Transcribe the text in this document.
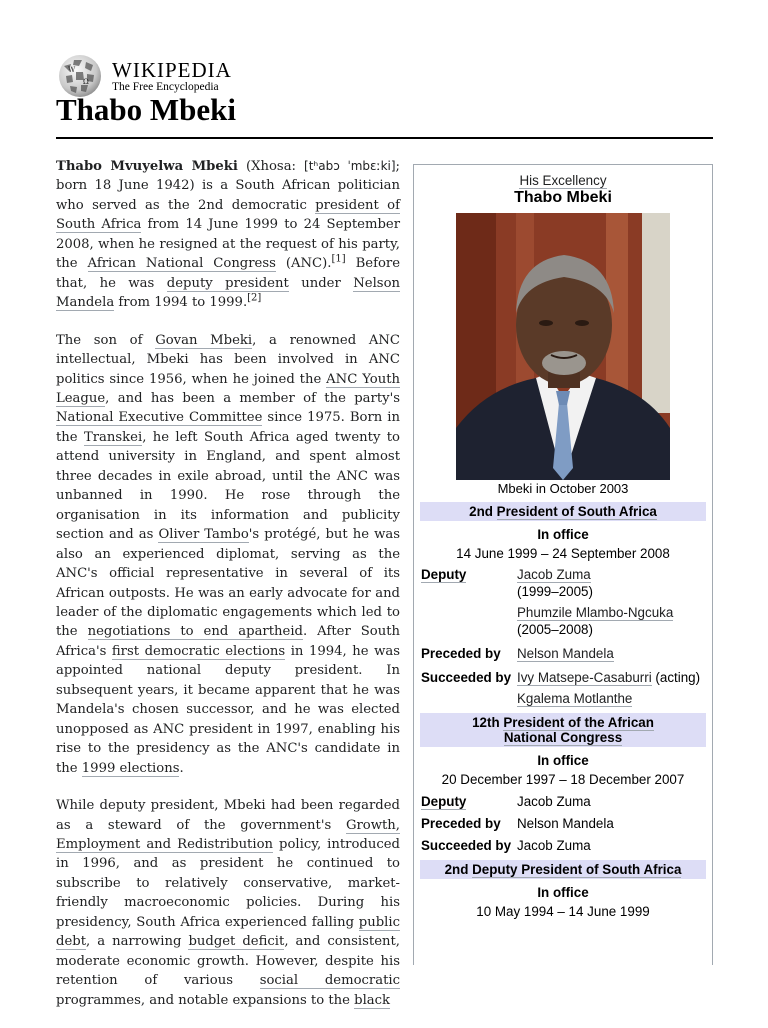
W
Ω WIKIPEDIA
The Free Encyclopedia
Thabo Mbeki

Thabo Mvuyelwa Mbeki (Xhosa: [tʰabɔ ˈmbɛːki]; born 18 June 1942) is a South African politician who served as the 2nd democratic president of South Africa from 14 June 1999 to 24 September 2008, when he resigned at the request of his party, the African National Congress (ANC).[1] Before that, he was deputy president under Nelson Mandela from 1994 to 1999.[2]

The son of Govan Mbeki, a renowned ANC intellectual, Mbeki has been involved in ANC politics since 1956, when he joined the ANC Youth League, and has been a member of the party's National Executive Committee since 1975. Born in the Transkei, he left South Africa aged twenty to attend university in England, and spent almost three decades in exile abroad, until the ANC was unbanned in 1990. He rose through the organisation in its information and publicity section and as Oliver Tambo's protégé, but he was also an experienced diplomat, serving as the ANC's official representative in several of its African outposts. He was an early advocate for and leader of the diplomatic engagements which led to the negotiations to end apartheid. After South Africa's first democratic elections in 1994, he was appointed national deputy president. In subsequent years, it became apparent that he was Mandela's chosen successor, and he was elected unopposed as ANC president in 1997, enabling his rise to the presidency as the ANC's candidate in the 1999 elections.

While deputy president, Mbeki had been regarded as a steward of the government's Growth, Employment and Redistribution policy, introduced in 1996, and as president he continued to subscribe to relatively conservative, market-friendly macroeconomic policies. During his presidency, South Africa experienced falling public debt, a narrowing budget deficit, and consistent, moderate economic growth. However, despite his retention of various social democratic programmes, and notable expansions to the black

His Excellency
Thabo Mbeki
Mbeki in October 2003
2nd President of South Africa
In office
14 June 1999 – 24 September 2008
Deputy	Jacob Zuma
(1999–2005)
Phumzile Mlambo-Ngcuka
(2005–2008)
Preceded by	Nelson Mandela
Succeeded by Ivy Matsepe-Casaburri (acting)
Kgalema Motlanthe
12th President of the African
National Congress
In office
20 December 1997 – 18 December 2007
Deputy	Jacob Zuma
Preceded by	Nelson Mandela
Succeeded by Jacob Zuma
2nd Deputy President of South Africa
In office
10 May 1994 – 14 June 1999
